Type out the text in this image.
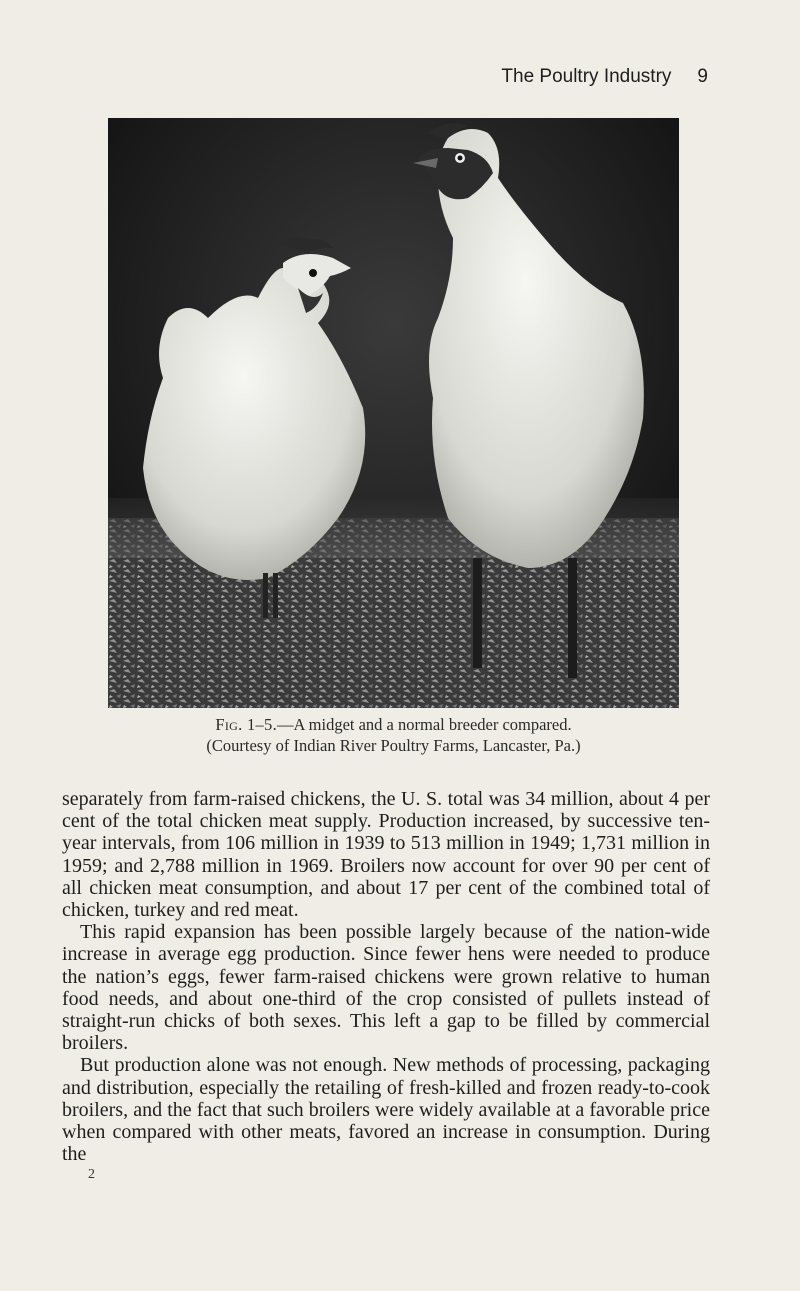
The Poultry Industry 9
Fig. 1–5.—A midget and a normal breeder compared.
(Courtesy of Indian River Poultry Farms, Lancaster, Pa.)

separately from farm-raised chickens, the U. S. total was 34 million, about 4 per cent of the total chicken meat supply. Production increased, by successive ten-year intervals, from 106 million in 1939 to 513 million in 1949; 1,731 million in 1959; and 2,788 million in 1969. Broilers now account for over 90 per cent of all chicken meat consumption, and about 17 per cent of the combined total of chicken, turkey and red meat.

This rapid expansion has been possible largely because of the nation-wide increase in average egg production. Since fewer hens were needed to produce the nation’s eggs, fewer farm-raised chickens were grown relative to human food needs, and about one-third of the crop consisted of pullets instead of straight-run chicks of both sexes. This left a gap to be filled by commercial broilers.

But production alone was not enough. New methods of processing, packaging and distribution, especially the retailing of fresh-killed and frozen ready-to-cook broilers, and the fact that such broilers were widely available at a favorable price when compared with other meats, favored an increase in consumption. During the

2
